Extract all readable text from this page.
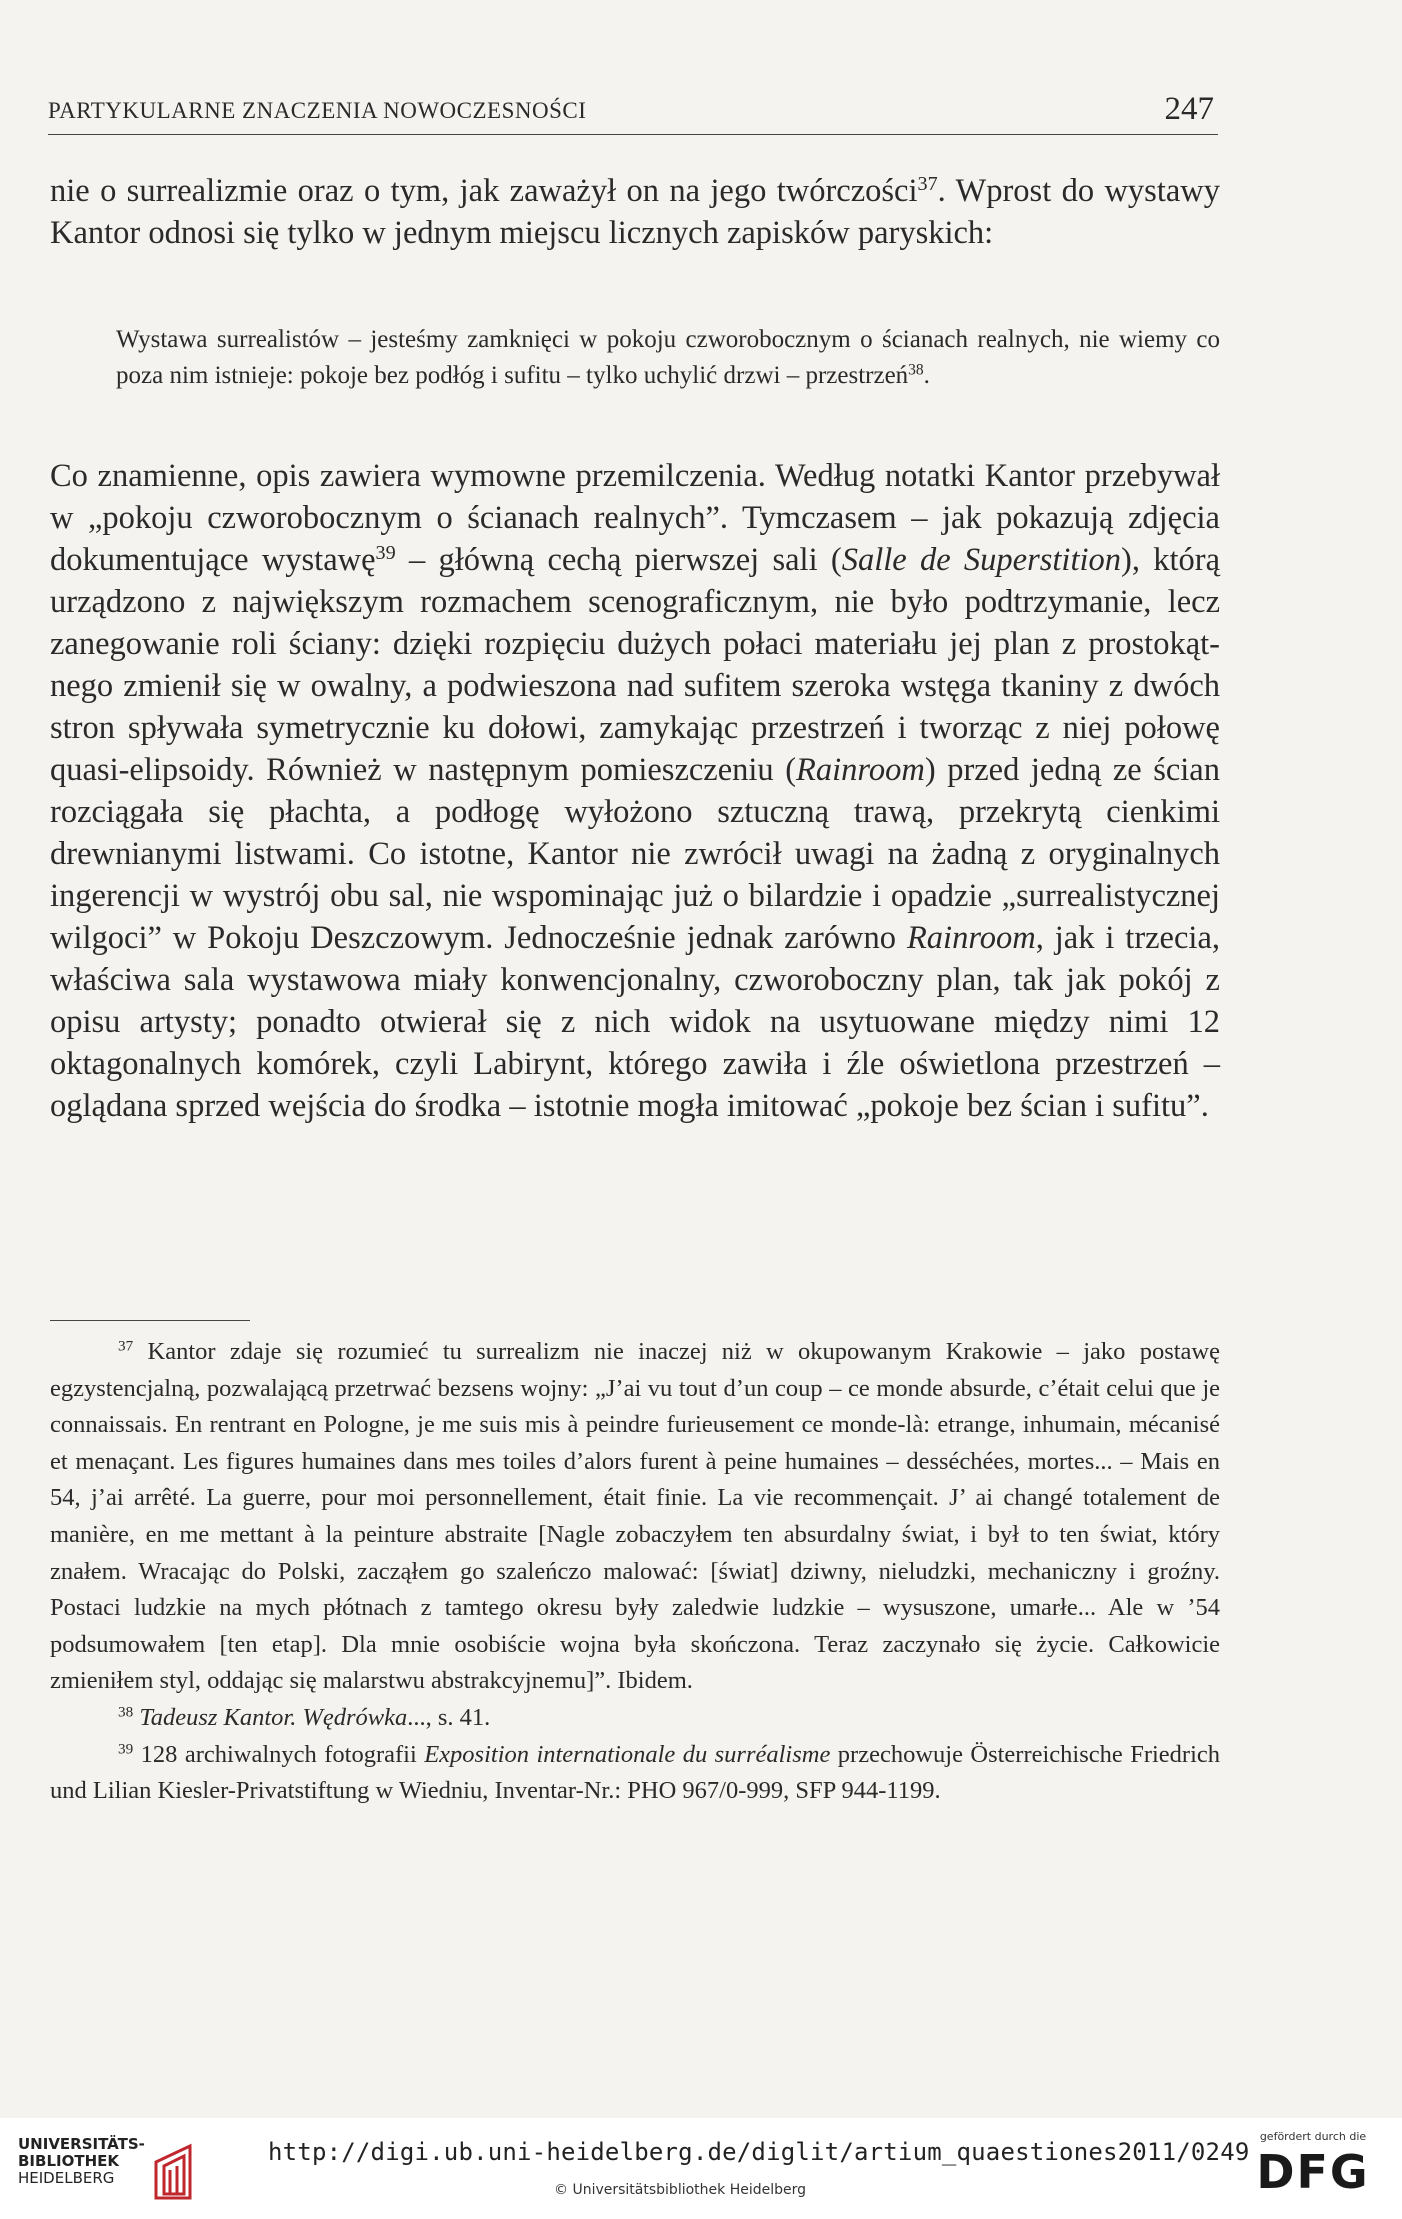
PARTYKULARNE ZNACZENIA NOWOCZESNOŚCI	247

nie o surrealizmie oraz o tym, jak zaważył on na jego twórczości$^{37}$. Wprost do wystawy Kantor odnosi się tylko w jednym miejscu licznych zapisków paryskich:

Wystawa surrealistów – jesteśmy zamknięci w pokoju czworobocznym o ścianach realnych, nie wiemy co poza nim istnieje: pokoje bez podłóg i sufitu – tylko uchylić drzwi – przestrzeń$^{38}$.

Co znamienne, opis zawiera wymowne przemilczenia. Według notatki Kantor przebywał w „pokoju czworobocznym o ścianach realnych”. Tymczasem – jak pokazują zdjęcia dokumentujące wystawę$^{39}$ – główną cechą pierwszej sali (Salle de Superstition), którą urządzono z największym rozmachem scenograficznym, nie było podtrzymanie, lecz zanegowanie roli ściany: dzięki rozpięciu dużych połaci materiału jej plan z prostokątnego zmienił się w owalny, a podwieszona nad sufitem szeroka wstęga tkaniny z dwóch stron spływała symetrycznie ku dołowi, zamykając przestrzeń i tworząc z niej połowę quasi-elipsoidy. Również w następnym pomieszczeniu (Rainroom) przed jedną ze ścian rozciągała się płachta, a podłogę wyłożono sztuczną trawą, przekrytą cienkimi drewnianymi listwami. Co istotne, Kantor nie zwrócił uwagi na żadną z oryginalnych ingerencji w wystrój obu sal, nie wspominając już o bilardzie i opadzie „surrealistycznej wilgoci” w Pokoju Deszczowym. Jednocześnie jednak zarówno Rainroom, jak i trzecia, właściwa sala wystawowa miały konwencjonalny, czworoboczny plan, tak jak pokój z opisu artysty; ponadto otwierał się z nich widok na usytuowane między nimi 12 oktagonalnych komórek, czyli Labirynt, którego zawiła i źle oświetlona przestrzeń – oglądana sprzed wejścia do środka – istotnie mogła imitować „pokoje bez ścian i sufitu”.

$^{37}$ Kantor zdaje się rozumieć tu surrealizm nie inaczej niż w okupowanym Krakowie – jako postawę egzystencjalną, pozwalającą przetrwać bezsens wojny: „J’ai vu tout d’un coup – ce monde absurde, c’était celui que je connaissais. En rentrant en Pologne, je me suis mis à peindre furieusement ce monde-là: etrange, inhumain, mécanisé et menaçant. Les figures humaines dans mes toiles d’alors furent à peine humaines – desséchées, mortes... – Mais en 54, j’ai arrêté. La guerre, pour moi personnellement, était finie. La vie recommençait. J’ ai changé totalement de manière, en me mettant à la peinture abstraite [Nagle zobaczyłem ten absurdalny świat, i był to ten świat, który znałem. Wracając do Polski, zacząłem go szaleńczo malować: [świat] dziwny, nieludzki, mechaniczny i groźny. Postaci ludzkie na mych płótnach z tamtego okresu były zaledwie ludzkie – wysuszone, umarłe... Ale w ’54 podsumowałem [ten etap]. Dla mnie osobiście wojna była skończona. Teraz zaczynało się życie. Całkowicie zmieniłem styl, oddając się malarstwu abstrakcyjnemu]”. Ibidem.

$^{38}$ Tadeusz Kantor. Wędrówka..., s. 41.

$^{39}$ 128 archiwalnych fotografii Exposition internationale du surréalisme przechowuje Österreichische Friedrich und Lilian Kiesler-Privatstiftung w Wiedniu, Inventar-Nr.: PHO 967/0-999, SFP 944-1199.

UNIVERSITÄTS-
BIBLIOTHEK
HEIDELBERG
http://digi.ub.uni-heidelberg.de/diglit/artium_quaestiones2011/0249
© Universitätsbibliothek Heidelberg
gefördert durch die
DFG
